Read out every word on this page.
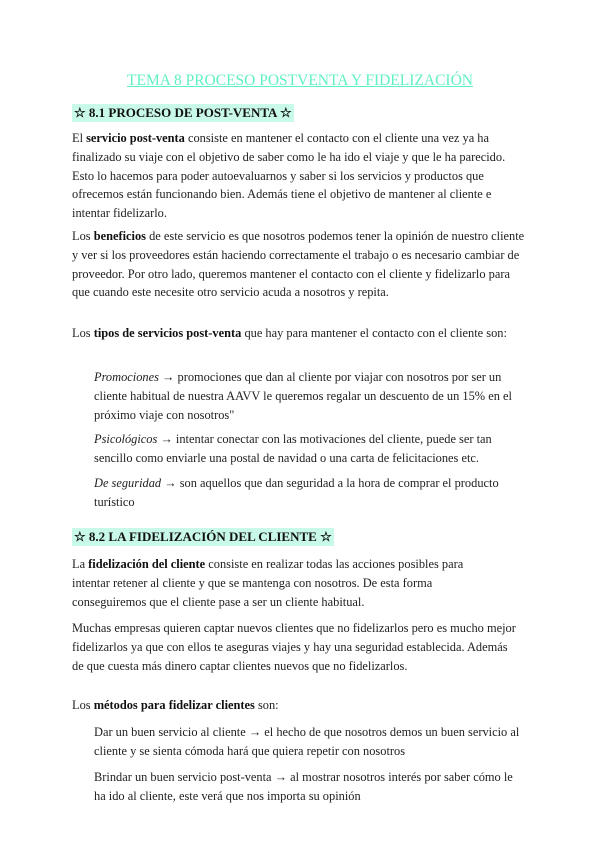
TEMA 8 PROCESO POSTVENTA Y FIDELIZACIÓN
☆ 8.1 PROCESO DE POST-VENTA ☆
El servicio post-venta consiste en mantener el contacto con el cliente una vez ya ha finalizado su viaje con el objetivo de saber como le ha ido el viaje y que le ha parecido. Esto lo hacemos para poder autoevaluarnos y saber si los servicios y productos que ofrecemos están funcionando bien. Además tiene el objetivo de mantener al cliente e intentar fidelizarlo.
Los beneficios de este servicio es que nosotros podemos tener la opinión de nuestro cliente y ver si los proveedores están haciendo correctamente el trabajo o es necesario cambiar de proveedor. Por otro lado, queremos mantener el contacto con el cliente y fidelizarlo para que cuando este necesite otro servicio acuda a nosotros y repita.
Los tipos de servicios post-venta que hay para mantener el contacto con el cliente son:
Promociones → promociones que dan al cliente por viajar con nosotros por ser un cliente habitual de nuestra AAVV le queremos regalar un descuento de un 15% en el próximo viaje con nosotros"
Psicológicos → intentar conectar con las motivaciones del cliente, puede ser tan sencillo como enviarle una postal de navidad o una carta de felicitaciones etc.
De seguridad → son aquellos que dan seguridad a la hora de comprar el producto turístico
☆ 8.2 LA FIDELIZACIÓN DEL CLIENTE ☆
La fidelización del cliente consiste en realizar todas las acciones posibles para intentar retener al cliente y que se mantenga con nosotros. De esta forma conseguiremos que el cliente pase a ser un cliente habitual.
Muchas empresas quieren captar nuevos clientes que no fidelizarlos pero es mucho mejor fidelizarlos ya que con ellos te aseguras viajes y hay una seguridad establecida. Además de que cuesta más dinero captar clientes nuevos que no fidelizarlos.
Los métodos para fidelizar clientes son:
Dar un buen servicio al cliente → el hecho de que nosotros demos un buen servicio al cliente y se sienta cómoda hará que quiera repetir con nosotros
Brindar un buen servicio post-venta → al mostrar nosotros interés por saber cómo le ha ido al cliente, este verá que nos importa su opinión
